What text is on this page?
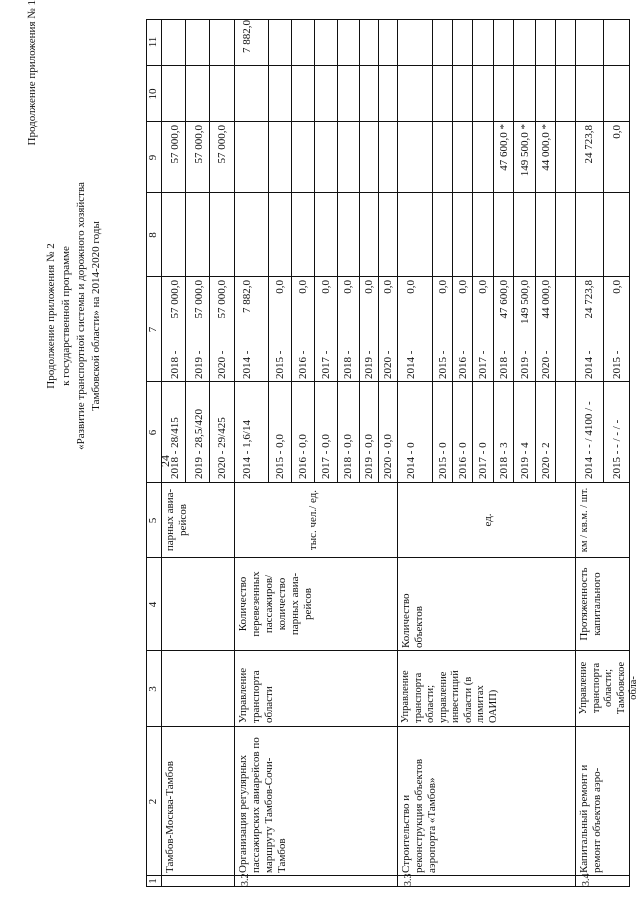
24
Продолжение приложения № 1
Продолжение приложения № 2 к государственной программе «Развитие транспортной системы и дорожного хозяйства Тамбовской области» на 2014-2020 годы
1
2
3
4
5
6
7
8
9
10
11
Тамбов-Москва-Тамбов
парных авиа-рейсов
2018 - 28/415 2019 - 28,5/420 2020 - 29/425
2018 - 2019 - 2020 -
57 000,0 57 000,0 57 000,0
57 000,0 57 000,0 57 000,0
3.2
Организация регулярных пассажирских авиарейсов по маршруту Тамбов-Сочи-Тамбов
Управление транспорта области
Количество перевезенных пассажиров/ количество парных авиа-рейсов
тыс. чел./ ед.
2014 - 1,6/14 2015 - 0,0 2016 - 0,0 2017 - 0,0 2018 - 0,0 2019 - 0,0 2020 - 0,0
2014 - 2015 - 2016 - 2017 - 2018 - 2019 - 2020 -
7 882,0 0,0 0,0 0,0 0,0 0,0 0,0
7 882,0
3.3
Строительство и реконструкция объектов аэропорта «Тамбов»
Управление транспорта области; управление инвестиций области (в лимитах ОАИП)
Количество объектов
ед.
2014 - 0 2015 - 0 2016 - 0 2017 - 0 2018 - 3 2019 - 4 2020 - 2
2014 - 2015 - 2016 - 2017 - 2018 - 2019 - 2020 -
0,0 0,0 0,0 0,0 47 600,0 149 500,0 44 000,0
47 600,0 * 149 500,0 * 44 000,0 *
3.4
Капитальный ремонт и ремонт объектов аэро-
Управление транспорта области; Тамбовское обла-
Протяженность капитального
км / кв.м. / шт.
2014 - - / 4100 / - 2015 - - / - / -
2014 - 2015 -
24 723,8 0,0
24 723,8 0,0
